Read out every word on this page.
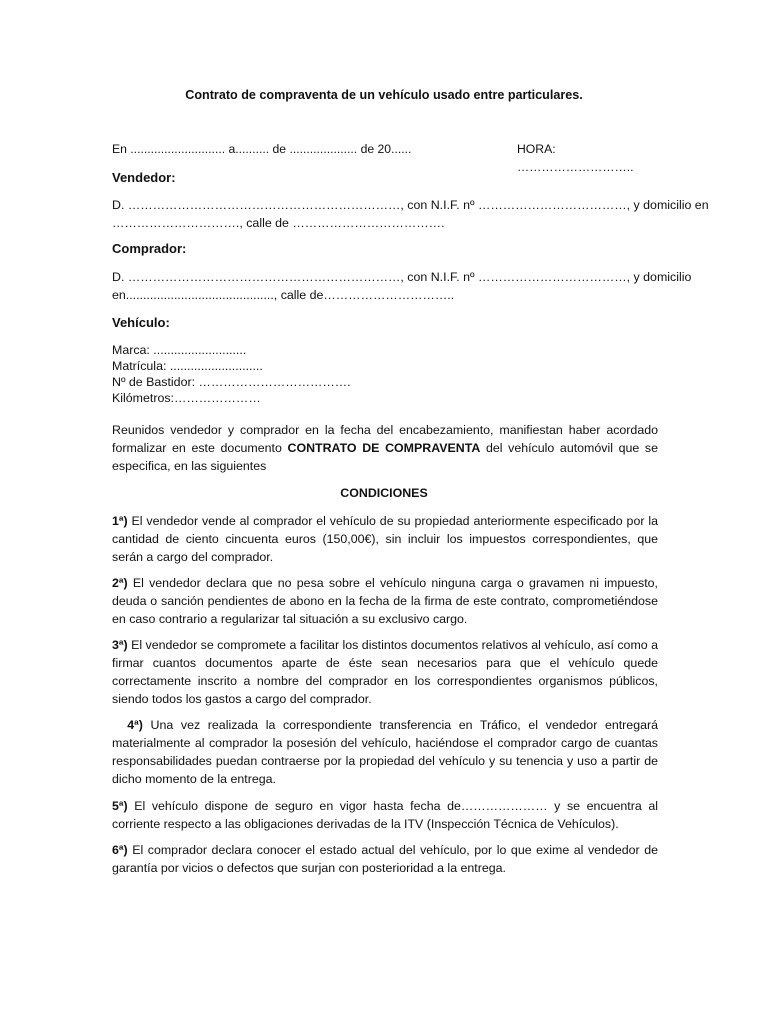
Contrato de compraventa de un vehículo usado entre particulares.
En ............................ a.......... de .................... de 20......	HORA: ………………………..
Vendedor:
D. …………………………………………………………, con N.I.F. nº ………………………………, y domicilio en
…………………………., calle de ……………………………….
Comprador:
D. …………………………………………………………, con N.I.F. nº ………………………………, y domicilio
en..........................................., calle de…………………………..
Vehículo:
Marca: ...........................
Matrícula: ...........................
Nº de Bastidor: ……………………………….
Kilómetros:…………………
Reunidos vendedor y comprador en la fecha del encabezamiento, manifiestan haber acordado formalizar en este documento CONTRATO DE COMPRAVENTA del vehículo automóvil que se especifica, en las siguientes
CONDICIONES
1ª) El vendedor vende al comprador el vehículo de su propiedad anteriormente especificado por la cantidad de ciento cincuenta euros (150,00€), sin incluir los impuestos correspondientes, que serán a cargo del comprador.
2ª) El vendedor declara que no pesa sobre el vehículo ninguna carga o gravamen ni impuesto, deuda o sanción pendientes de abono en la fecha de la firma de este contrato, comprometiéndose en caso contrario a regularizar tal situación a su exclusivo cargo.
3ª) El vendedor se compromete a facilitar los distintos documentos relativos al vehículo, así como a firmar cuantos documentos aparte de éste sean necesarios para que el vehículo quede correctamente inscrito a nombre del comprador en los correspondientes organismos públicos, siendo todos los gastos a cargo del comprador.
4ª) Una vez realizada la correspondiente transferencia en Tráfico, el vendedor entregará materialmente al comprador la posesión del vehículo, haciéndose el comprador cargo de cuantas responsabilidades puedan contraerse por la propiedad del vehículo y su tenencia y uso a partir de dicho momento de la entrega.
5ª) El vehículo dispone de seguro en vigor hasta fecha de………………… y se encuentra al corriente respecto a las obligaciones derivadas de la ITV (Inspección Técnica de Vehículos).
6ª) El comprador declara conocer el estado actual del vehículo, por lo que exime al vendedor de garantía por vicios o defectos que surjan con posterioridad a la entrega.
